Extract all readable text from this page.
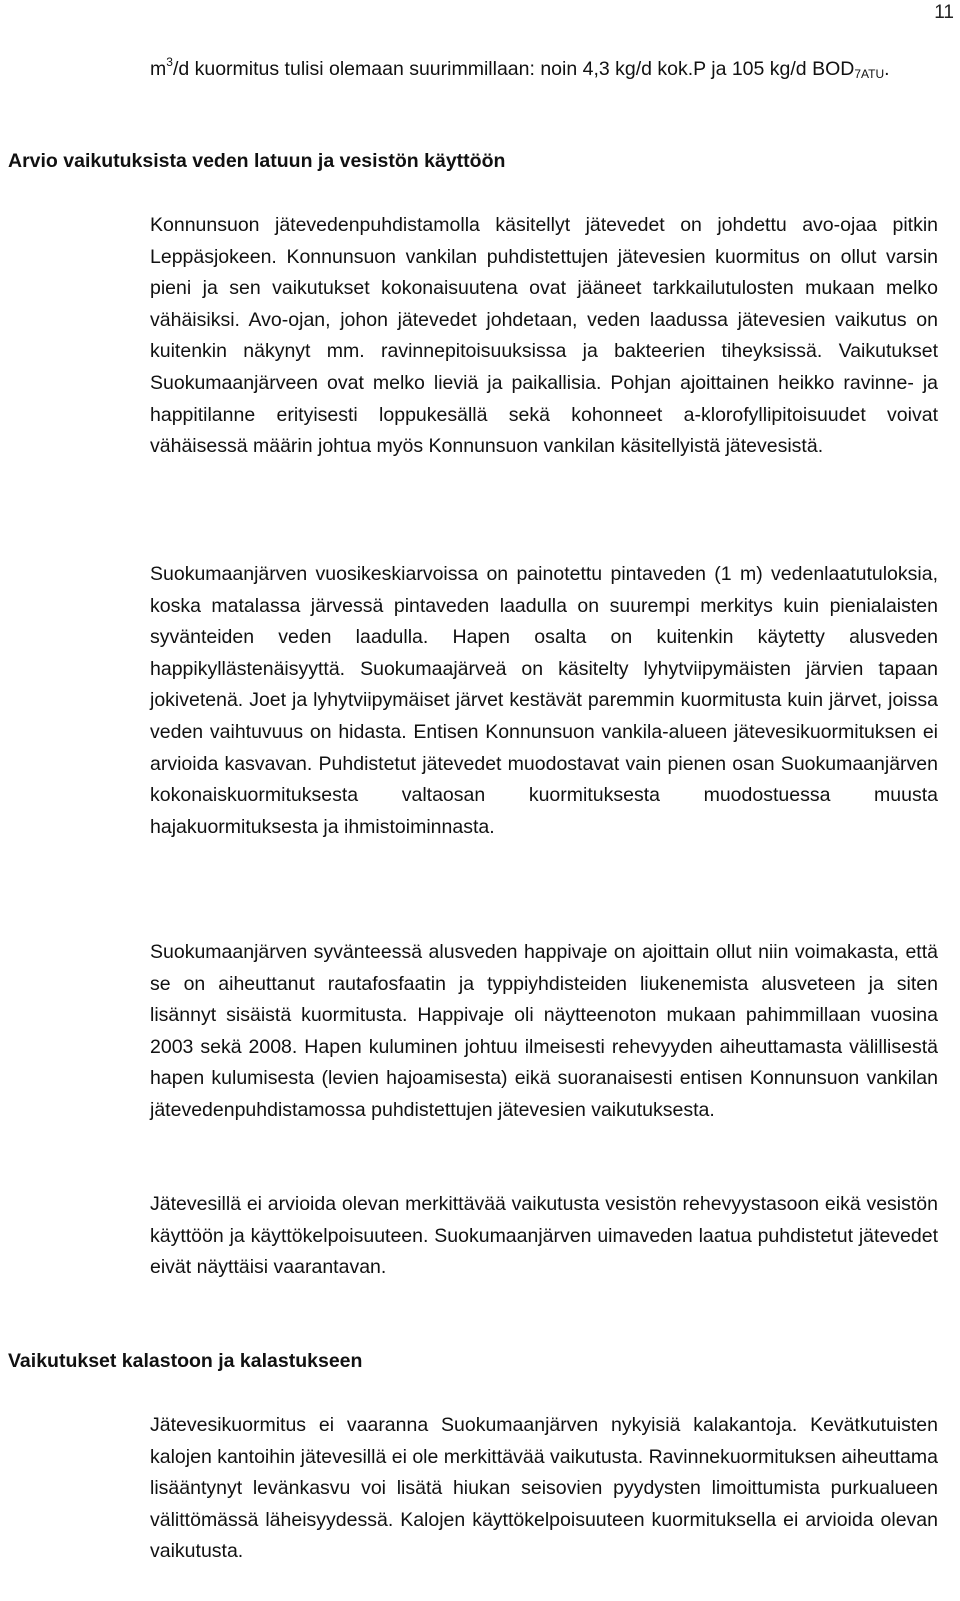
11

$m^3/d$ kuormitus tulisi olemaan suurimmillaan: noin 4,3 kg/d kok.P ja 105 kg/d $BOD_{7ATU}$.

Arvio vaikutuksista veden latuun ja vesistön käyttöön

Konnunsuon jätevedenpuhdistamolla käsitellyt jätevedet on johdettu avo-ojaa pitkin Leppäsjokeen. Konnunsuon vankilan puhdistettujen jätevesien kuormitus on ollut varsin pieni ja sen vaikutukset kokonaisuutena ovat jääneet tarkkailutulosten mukaan melko vähäisiksi. Avo-ojan, johon jätevedet johdetaan, veden laadussa jätevesien vaikutus on kuitenkin näkynyt mm. ravinnepitoisuuksissa ja bakteerien tiheyksissä. Vaikutukset Suokumaanjärveen ovat melko lieviä ja paikallisia. Pohjan ajoittainen heikko ravinne- ja happitilanne erityisesti loppukesällä sekä kohonneet a-klorofyllipitoisuudet voivat vähäisessä määrin johtua myös Konnunsuon vankilan käsitellyistä jätevesistä.

Suokumaanjärven vuosikeskiarvoissa on painotettu pintaveden (1 m) vedenlaatutuloksia, koska matalassa järvessä pintaveden laadulla on suurempi merkitys kuin pienialaisten syvänteiden veden laadulla. Hapen osalta on kuitenkin käytetty alusveden happikyllästenäisyyttä. Suokumaajärveä on käsitelty lyhytviipymäisten järvien tapaan jokivetenä. Joet ja lyhytviipymäiset järvet kestävät paremmin kuormitusta kuin järvet, joissa veden vaihtuvuus on hidasta. Entisen Konnunsuon vankila-alueen jätevesikuormituksen ei arvioida kasvavan. Puhdistetut jätevedet muodostavat vain pienen osan Suokumaanjärven kokonaiskuormituksesta valtaosan kuormituksesta muodostuessa muusta hajakuormituksesta ja ihmistoiminnasta.

Suokumaanjärven syvänteessä alusveden happivaje on ajoittain ollut niin voimakasta, että se on aiheuttanut rautafosfaatin ja typpiyhdisteiden liukenemista alusveteen ja siten lisännyt sisäistä kuormitusta. Happivaje oli näytteenoton mukaan pahimmillaan vuosina 2003 sekä 2008. Hapen kuluminen johtuu ilmeisesti rehevyyden aiheuttamasta välillisestä hapen kulumisesta (levien hajoamisesta) eikä suoranaisesti entisen Konnunsuon vankilan jätevedenpuhdistamossa puhdistettujen jätevesien vaikutuksesta.

Jätevesillä ei arvioida olevan merkittävää vaikutusta vesistön rehevyystasoon eikä vesistön käyttöön ja käyttökelpoisuuteen. Suokumaanjärven uimaveden laatua puhdistetut jätevedet eivät näyttäisi vaarantavan.

Vaikutukset kalastoon ja kalastukseen

Jätevesikuormitus ei vaaranna Suokumaanjärven nykyisiä kalakantoja. Kevätkutuisten kalojen kantoihin jätevesillä ei ole merkittävää vaikutusta. Ravinnekuormituksen aiheuttama lisääntynyt levänkasvu voi lisätä hiukan seisovien pyydysten limoittumista purkualueen välittömässä läheisyydessä. Kalojen käyttökelpoisuuteen kuormituksella ei arvioida olevan vaikutusta.
